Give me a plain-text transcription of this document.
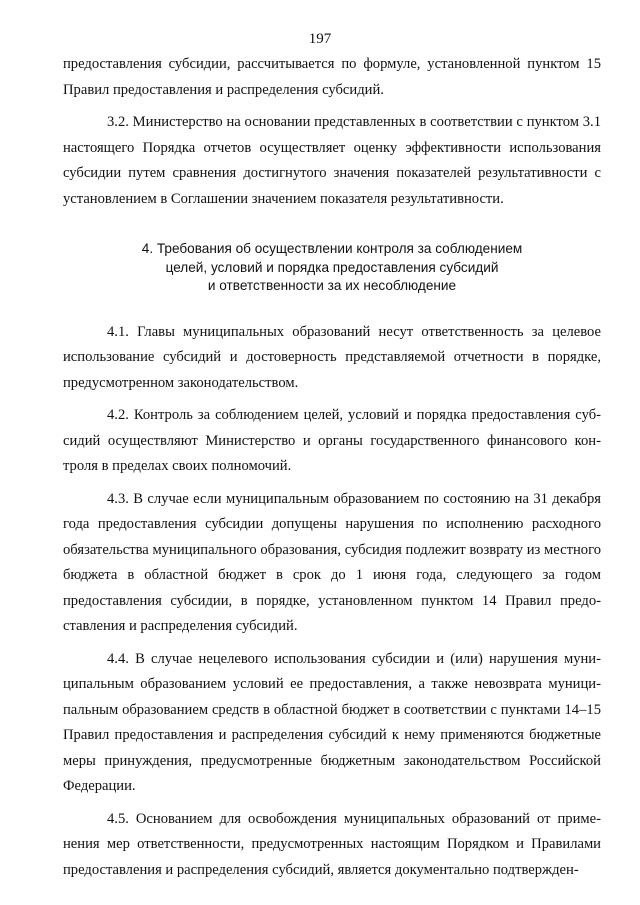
197

предоставления субсидии, рассчитывается по формуле, установленной пунктом 15 Правил предоставления и распределения субсидий.

3.2. Министерство на основании представленных в соответствии с пунктом 3.1 настоящего Порядка отчетов осуществляет оценку эффективности использования субсидии путем сравнения достигнутого значения показателей результативности с установлением в Соглашении значением показателя результативности.

4. Требования об осуществлении контроля за соблюдением
целей, условий и порядка предоставления субсидий
и ответственности за их несоблюдение

4.1. Главы муниципальных образований несут ответственность за целевое использование субсидий и достоверность представляемой отчетности в порядке, предусмотренном законодательством.

4.2. Контроль за соблюдением целей, условий и порядка предоставления субсидий осуществляют Министерство и органы государственного финансового контроля в пределах своих полномочий.

4.3. В случае если муниципальным образованием по состоянию на 31 декабря года предоставления субсидии допущены нарушения по исполнению расходного обязательства муниципального образования, субсидия подлежит возврату из местного бюджета в областной бюджет в срок до 1 июня года, следующего за годом предоставления субсидии, в порядке, установленном пунктом 14 Правил предоставления и распределения субсидий.

4.4. В случае нецелевого использования субсидии и (или) нарушения муниципальным образованием условий ее предоставления, а также невозврата муниципальным образованием средств в областной бюджет в соответствии с пунктами 14–15 Правил предоставления и распределения субсидий к нему применяются бюджетные меры принуждения, предусмотренные бюджетным законодательством Российской Федерации.

4.5. Основанием для освобождения муниципальных образований от применения мер ответственности, предусмотренных настоящим Порядком и Правилами предоставления и распределения субсидий, является документально подтвержден-
